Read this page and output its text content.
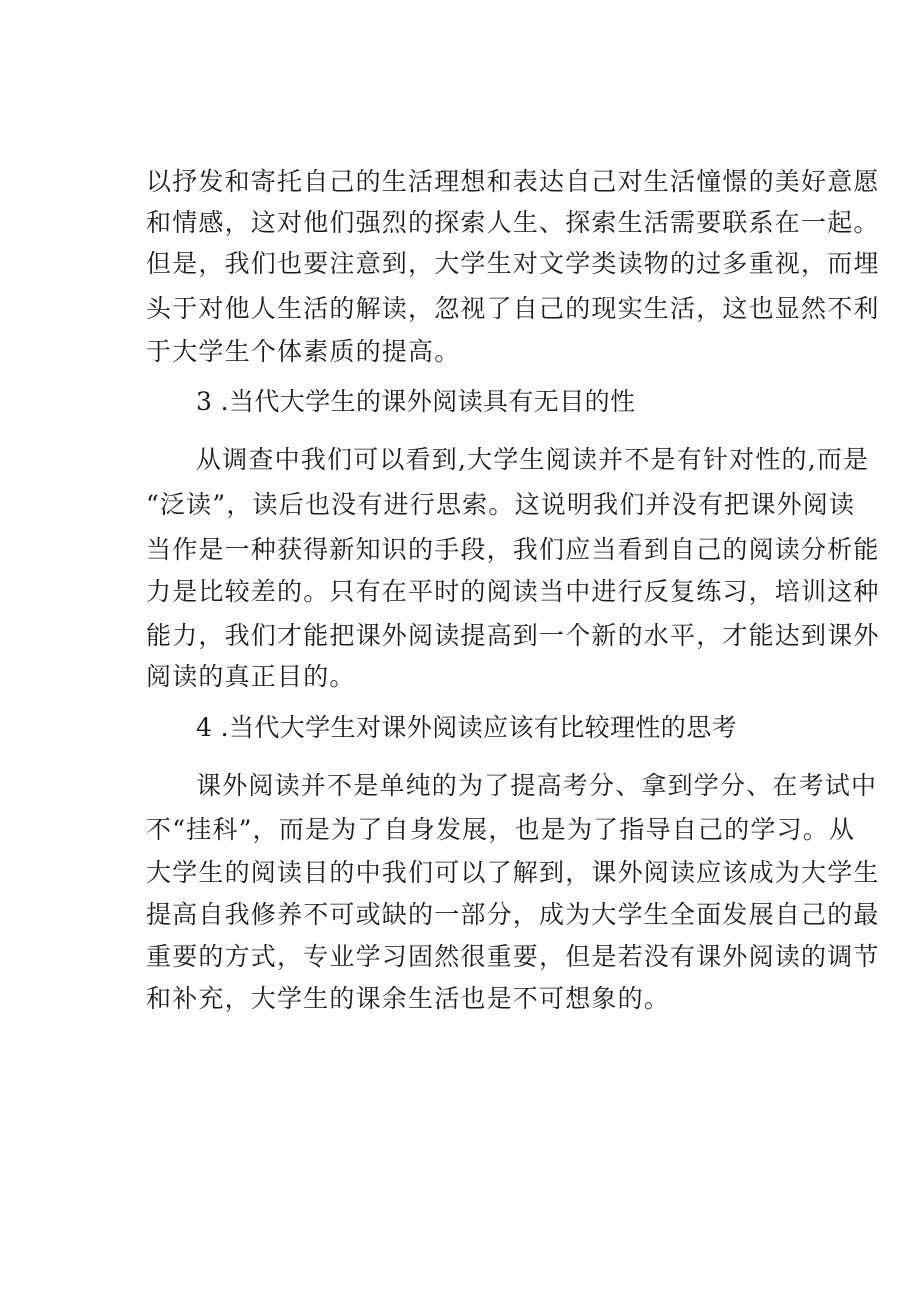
以抒发和寄托自己的生活理想和表达自己对生活憧憬的美好意愿
和情感，这对他们强烈的探索人生、探索生活需要联系在一起。
但是，我们也要注意到，大学生对文学类读物的过多重视，而埋
头于对他人生活的解读，忽视了自己的现实生活，这也显然不利
于大学生个体素质的提高。
3 .当代大学生的课外阅读具有无目的性
从调查中我们可以看到,大学生阅读并不是有针对性的,而是
“泛读”，读后也没有进行思索。这说明我们并没有把课外阅读
当作是一种获得新知识的手段，我们应当看到自己的阅读分析能
力是比较差的。只有在平时的阅读当中进行反复练习，培训这种
能力，我们才能把课外阅读提高到一个新的水平，才能达到课外
阅读的真正目的。
4 .当代大学生对课外阅读应该有比较理性的思考
课外阅读并不是单纯的为了提高考分、拿到学分、在考试中
不“挂科”，而是为了自身发展，也是为了指导自己的学习。从
大学生的阅读目的中我们可以了解到，课外阅读应该成为大学生
提高自我修养不可或缺的一部分，成为大学生全面发展自己的最
重要的方式，专业学习固然很重要，但是若没有课外阅读的调节
和补充，大学生的课余生活也是不可想象的。
